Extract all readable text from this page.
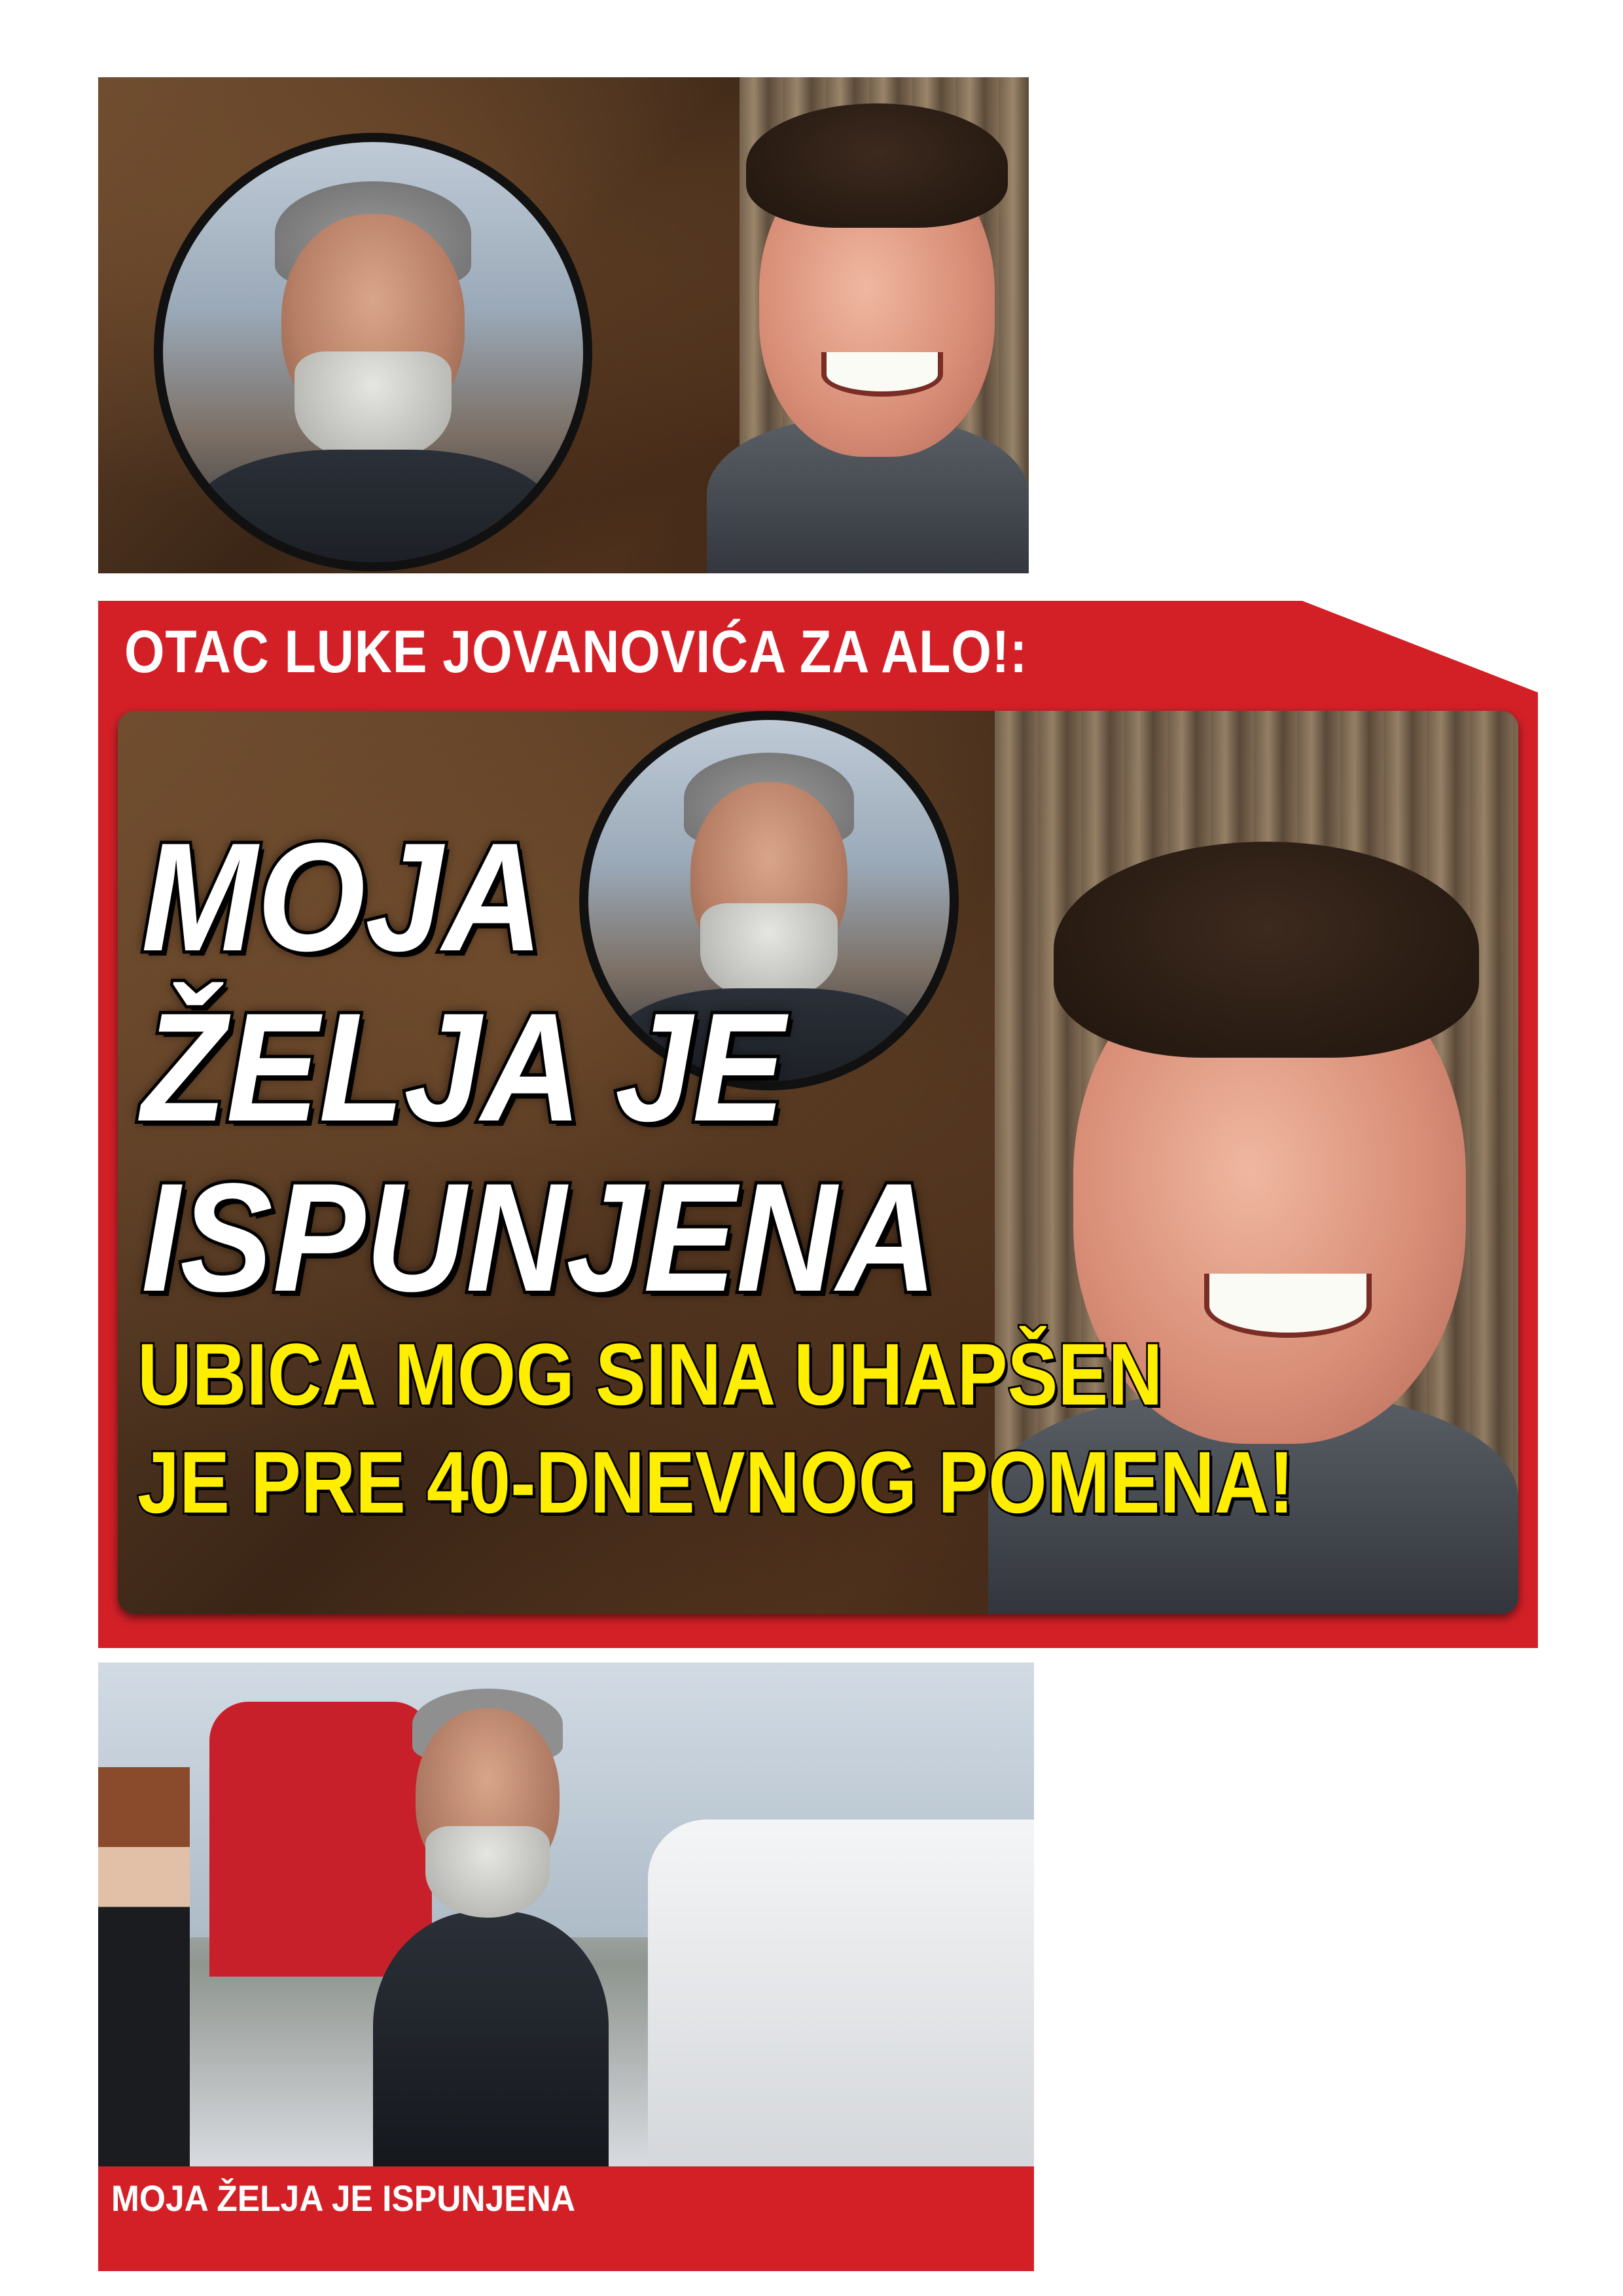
OTAC LUKE JOVANOVIĆA ZA ALO!:
MOJA
ŽELJA JE
ISPUNJENA
UBICA MOG SINA UHAPŠEN
JE PRE 40-DNEVNOG POMENA!
MOJA ŽELJA JE ISPUNJENA
